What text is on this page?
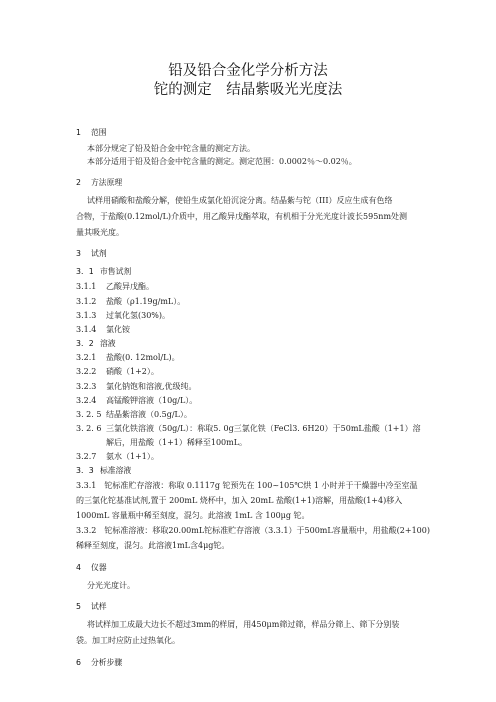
铅及铅合金化学分析方法
铊的测定　结晶紫吸光光度法
1 范围
本部分规定了铅及铅合金中铊含量的测定方法。
本部分适用于铅及铅合金中铊含量的测定。测定范围：0.0002％～0.02％。
2 方法原理
试样用硝酸和盐酸分解，使铅生成氯化铅沉淀分离。结晶紫与铊（III）反应生成有色络
合物，于盐酸(0.12mol/L)介质中，用乙酸异戊酯萃取，有机相于分光光度计波长595nm处测
量其吸光度。
3 试剂
3．1 市售试剂
3.1.1 乙酸异戊酯。
3.1.2 盐酸（ρ1.19g/mL）。
3.1.3 过氧化氢(30%)。
3.1.4 氯化铵
3．2 溶液
3.2.1 盐酸(0. 12mol/L)。
3.2.2 硝酸（1+2）。
3.2.3 氯化钠饱和溶液,优级纯。
3.2.4 高锰酸钾溶液（10g/L）。
3. 2. 5 结晶紫溶液（0.5g/L）。
3. 2. 6 三氯化铁溶液（50g/L）：称取5. 0g三氯化铁（FeCl3. 6H20）于50mL盐酸（1+1）溶
解后，用盐酸（1+1）稀释至100mL。
3.2.7 氨水（1+1）。
3．3 标准溶液
3.3.1　铊标准贮存溶液：称取 0.1117g 铊预先在 100~105℃烘 1 小时并于干燥器中冷至室温
的三氯化铊基准试剂,置于 200mL 烧杯中，加入 20mL 盐酸(1+1)溶解，用盐酸(1+4)移入
1000mL 容量瓶中稀至刻度，混匀。此溶液 1mL 含 100μg 铊。
3.3.2　铊标准溶液：移取20.00mL铊标准贮存溶液（3.3.1）于500mL容量瓶中，用盐酸(2+100)
稀释至刻度，混匀。此溶液1mL含4μg铊。
4 仪器
分光光度计。
5 试样
将试样加工成最大边长不超过3mm的样屑，用450μm筛过筛，样品分筛上、筛下分别装
袋。加工时应防止过热氧化。
6 分析步骤
